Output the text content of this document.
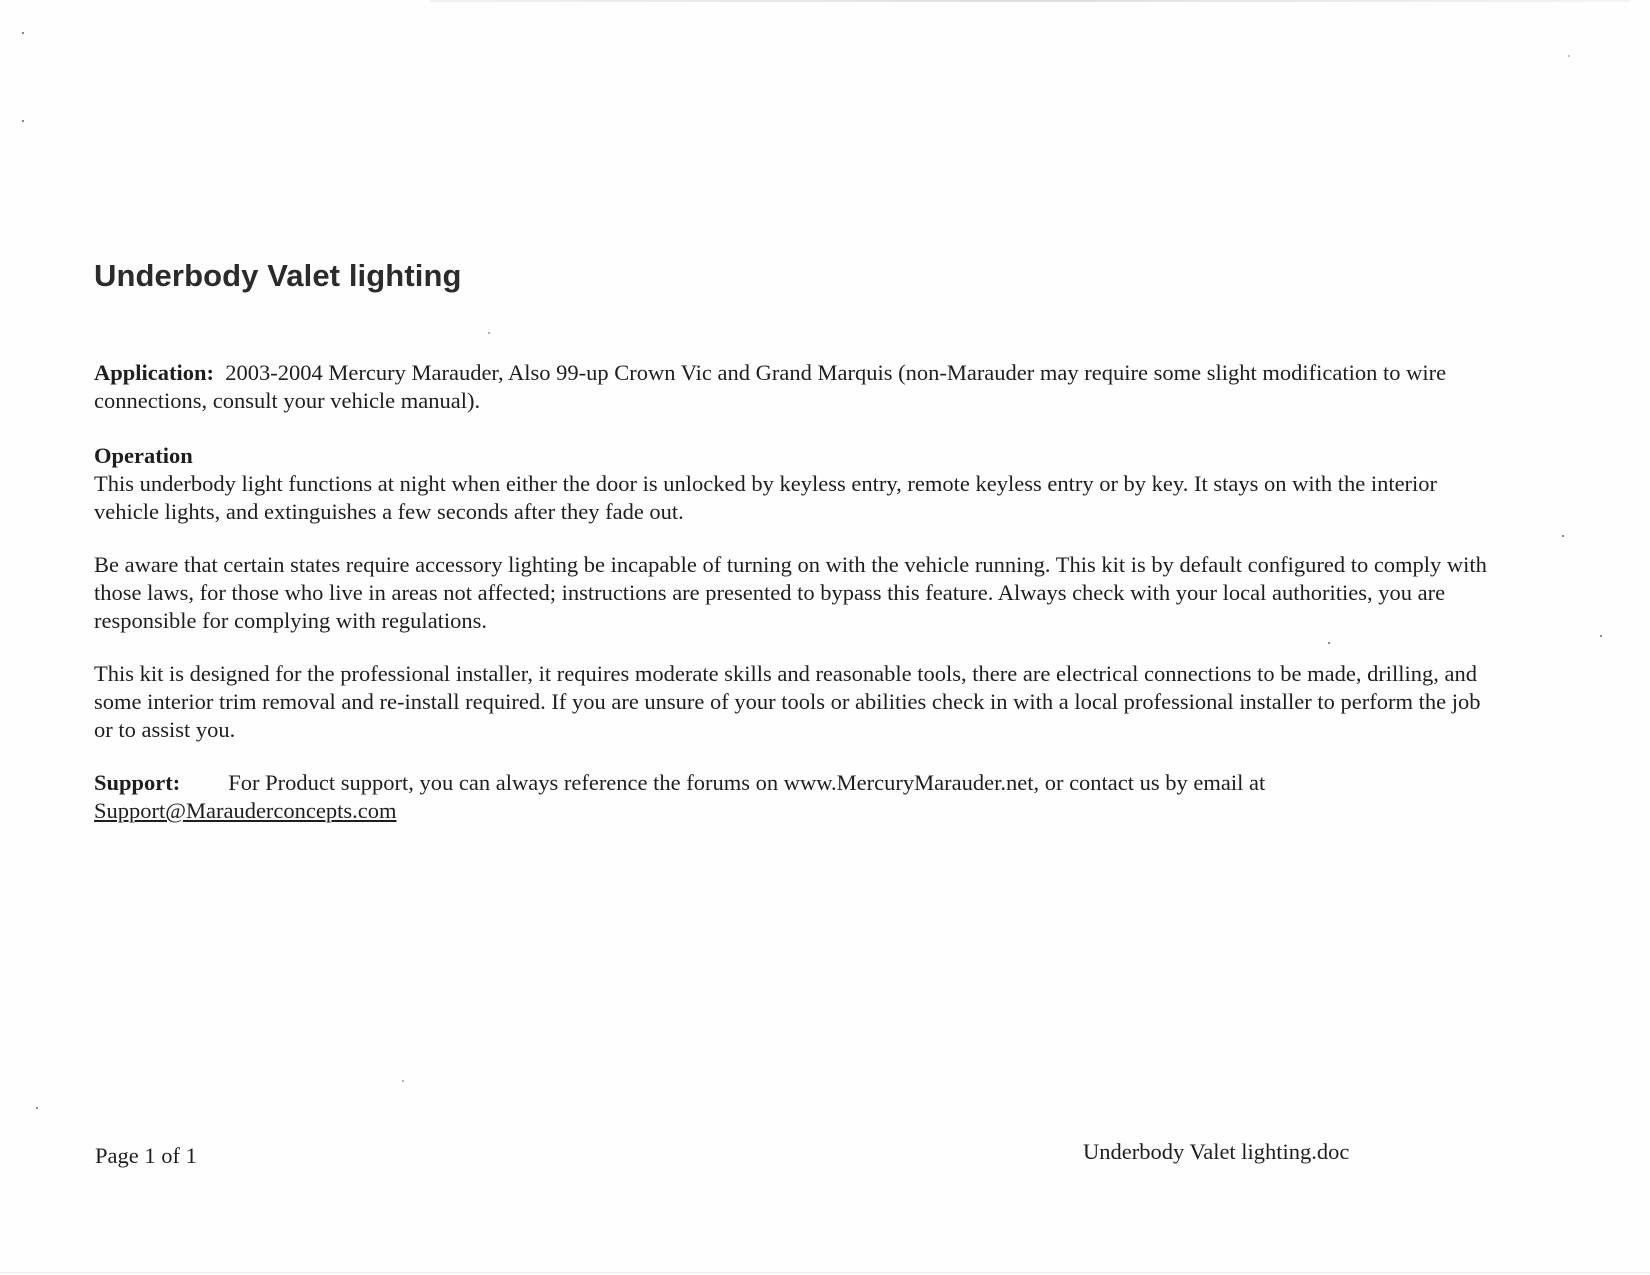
Underbody Valet lighting

Application: 2003-2004 Mercury Marauder, Also 99-up Crown Vic and Grand Marquis (non-Marauder may require some slight modification to wire connections, consult your vehicle manual).

Operation

This underbody light functions at night when either the door is unlocked by keyless entry, remote keyless entry or by key. It stays on with the interior vehicle lights, and extinguishes a few seconds after they fade out.

Be aware that certain states require accessory lighting be incapable of turning on with the vehicle running. This kit is by default configured to comply with those laws, for those who live in areas not affected; instructions are presented to bypass this feature. Always check with your local authorities, you are responsible for complying with regulations.

This kit is designed for the professional installer, it requires moderate skills and reasonable tools, there are electrical connections to be made, drilling, and some interior trim removal and re-install required. If you are unsure of your tools or abilities check in with a local professional installer to perform the job or to assist you.

Support: For Product support, you can always reference the forums on www.MercuryMarauder.net, or contact us by email at
Support@Marauderconcepts.com

Page 1 of 1	Underbody Valet lighting.doc
